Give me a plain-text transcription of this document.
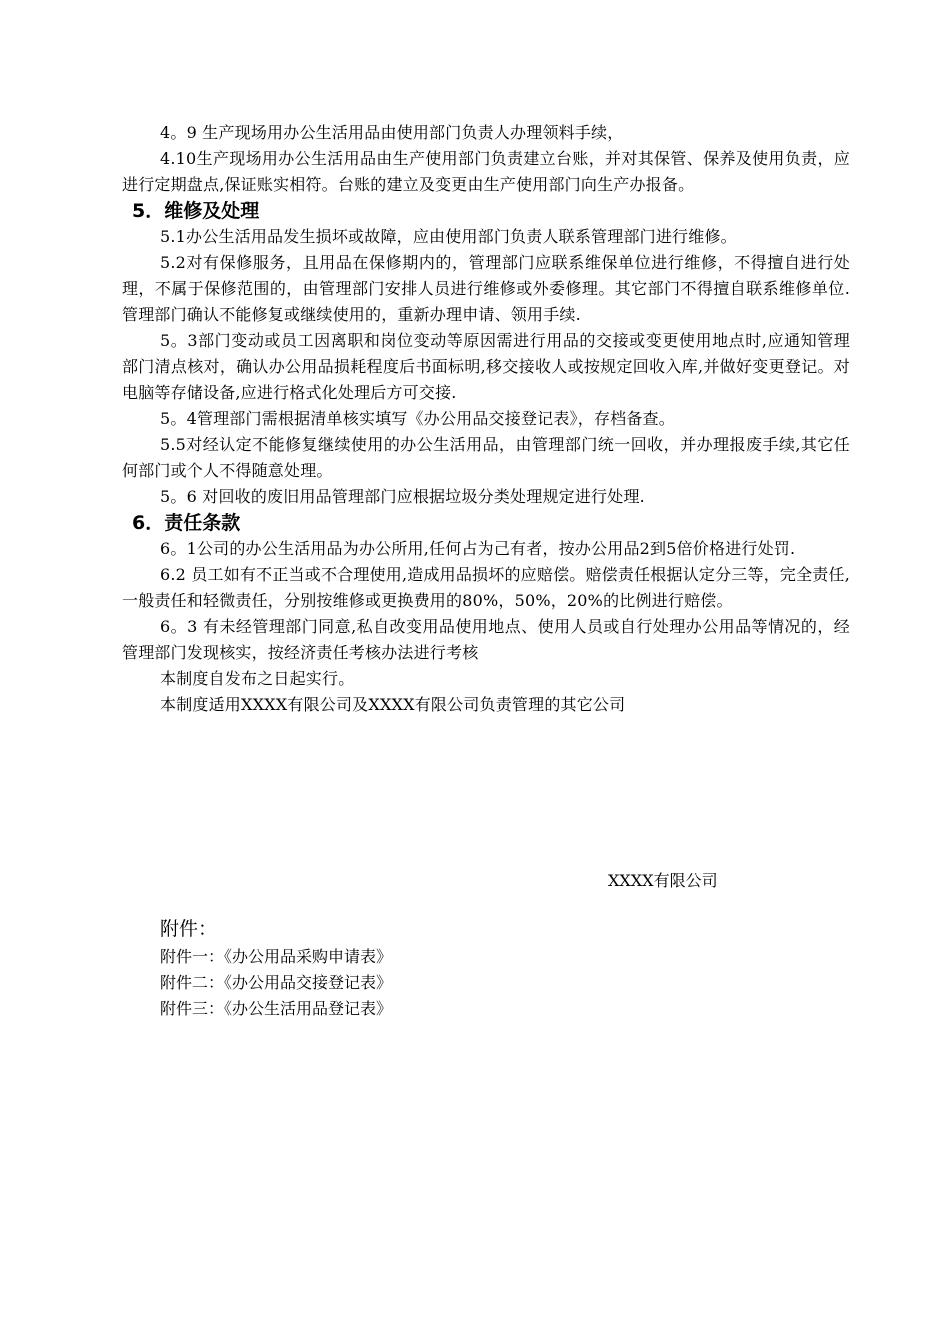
4。9 生产现场用办公生活用品由使用部门负责人办理领料手续，

4.10生产现场用办公生活用品由生产使用部门负责建立台账，并对其保管、保养及使用负责，应进行定期盘点,保证账实相符。台账的建立及变更由生产使用部门向生产办报备。

5．维修及处理

5.1办公生活用品发生损坏或故障，应由使用部门负责人联系管理部门进行维修。

5.2对有保修服务，且用品在保修期内的，管理部门应联系维保单位进行维修，不得擅自进行处理，不属于保修范围的，由管理部门安排人员进行维修或外委修理。其它部门不得擅自联系维修单位.管理部门确认不能修复或继续使用的，重新办理申请、领用手续.

5。3部门变动或员工因离职和岗位变动等原因需进行用品的交接或变更使用地点时,应通知管理部门清点核对，确认办公用品损耗程度后书面标明,移交接收人或按规定回收入库,并做好变更登记。对电脑等存储设备,应进行格式化处理后方可交接.

5。4管理部门需根据清单核实填写《办公用品交接登记表》，存档备查。

5.5对经认定不能修复继续使用的办公生活用品，由管理部门统一回收，并办理报废手续,其它任何部门或个人不得随意处理。

5。6 对回收的废旧用品管理部门应根据垃圾分类处理规定进行处理.

6．责任条款

6。1公司的办公生活用品为办公所用,任何占为己有者，按办公用品2到5倍价格进行处罚.

6.2 员工如有不正当或不合理使用,造成用品损坏的应赔偿。赔偿责任根据认定分三等，完全责任,一般责任和轻微责任，分别按维修或更换费用的80%，50%，20%的比例进行赔偿。

6。3 有未经管理部门同意,私自改变用品使用地点、使用人员或自行处理办公用品等情况的，经管理部门发现核实，按经济责任考核办法进行考核

本制度自发布之日起实行。

本制度适用XXXX有限公司及XXXX有限公司负责管理的其它公司

XXXX有限公司

附件：

附件一：《办公用品采购申请表》

附件二：《办公用品交接登记表》

附件三：《办公生活用品登记表》
